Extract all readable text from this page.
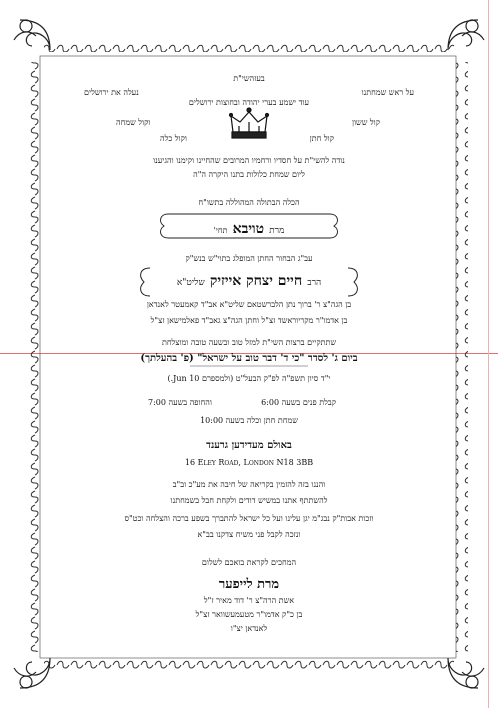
בעזהשי"ת
נעלה את ירושלים	על ראש שמחתנו
עוד ישמע בערי יהודה ובחוצות ירושלים
קול ששון
וקול שמחה
קול חתן
וקול כלה
נודה להשי"ת על חסדיו ורחמיו המרובים שהחיינו וקימנו והגיענו
ליום שמחת כלולות בתנו היקרה ה"ה
הכלה הבתולה המהוללה בתשו"ח
מרת טויבא תחי'
עב"ג הבחור החתן המופלג בתוי"ש בנש"ק
הרב חיים יצחק אייזיק שליט"א
בן הגה"צ ר' ברוך נתן הלברשטאם שליט"א אב"ד קאמעטר לאנדאן
בן אדמו"ר מקריוראשד זצ"ל וחתן הגה"צ גאב"ד פאלמישאן זצ"ל
שתתקיים ברצות השי"ת למזל טוב ובשעה טובה ומוצלחת
ביום ג' לסדר "כי ד' דבר טוב על ישראל" (פ' בהעלתך)
י"ד סיון תשפ"ה לפ"ק הבעל"ט (ולמספרם 10 Jun.)
קבלת פנים בשעה 6:00
והחופה בשעה 7:00
שמחת חתן וכלה בשעה 10:00
באולם מעדידען גרענד
16 Eley Road, London N18 3BB
והננו בזה להזמין בקריאה של חיבה את מע"כ וב"ב
להשתתף אתנו במשיש דודים ולקחת חבל בשמחתנו
וזכות אבות"ק נבג"מ יגן עלינו ועל כל ישראל להתברך בשפע ברכה והצלחה וכט"ס
ונזכה לקבל פני משיח צדקנו בב"א
המחכים לקראת בואכם לשלום
מרת לייפער
אשת הרה"צ ר' דוד מאיר ז"ל
בן כ"ק אדמו"ר מטעמעשוואר זצ"ל
לאנדאן יצ"ו
